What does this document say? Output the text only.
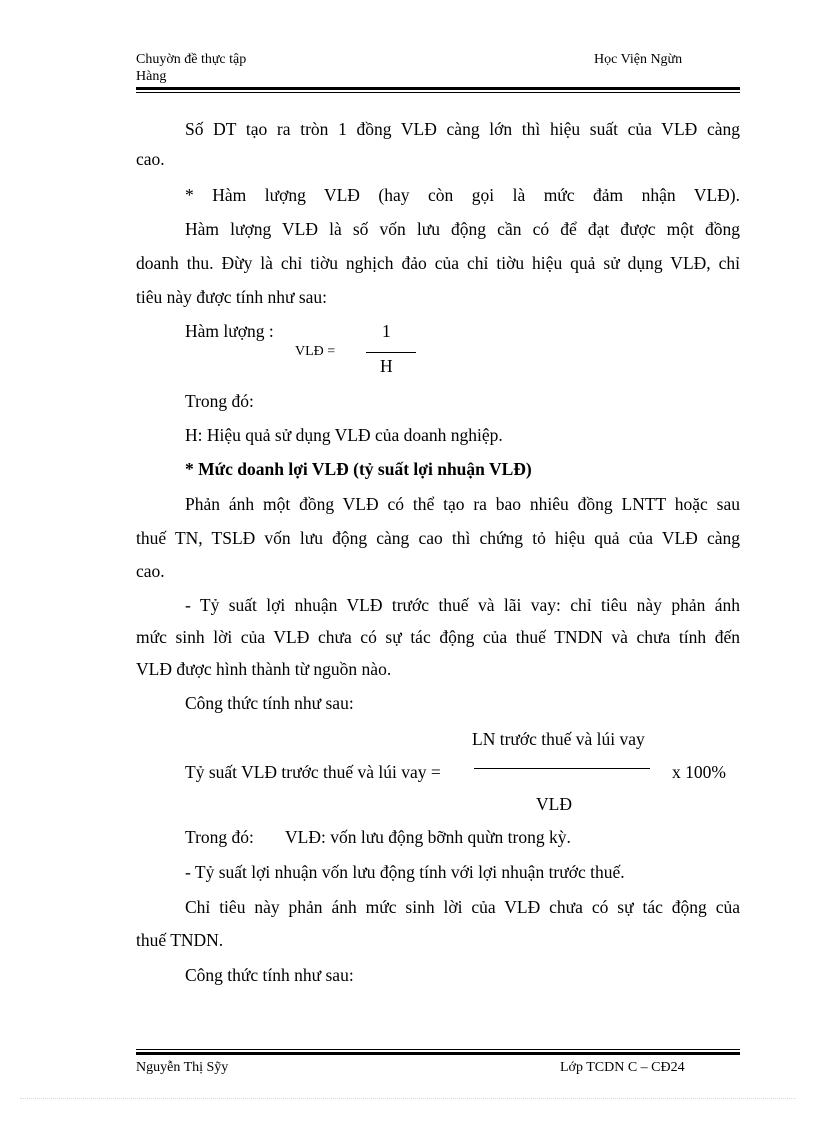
Chuyờn đề thực tập
Hàng
Học Viện Ngừn
Số DT tạo ra tròn 1 đồng VLĐ càng lớn thì hiệu suất của VLĐ càng
cao.
* Hàm lượng VLĐ (hay còn gọi là mức đảm nhận VLĐ).
Hàm lượng VLĐ là số vốn lưu động cần có để đạt được một đồng
doanh thu. Đừy là chỉ tiờu nghịch đảo của chỉ tiờu hiệu quả sử dụng VLĐ, chỉ
tiêu này được tính như sau:
Hàm lượng :	1
VLĐ =
H
Trong đó:
H: Hiệu quả sử dụng VLĐ của doanh nghiệp.
* Mức doanh lợi VLĐ (tỷ suất lợi nhuận VLĐ)
Phản ánh một đồng VLĐ có thể tạo ra bao nhiêu đồng LNTT hoặc sau
thuế TN, TSLĐ vốn lưu động càng cao thì chứng tỏ hiệu quả của VLĐ càng
cao.
- Tỷ suất lợi nhuận VLĐ trước thuế và lãi vay: chỉ tiêu này phản ánh
mức sinh lời của VLĐ chưa có sự tác động của thuế TNDN và chưa tính đến
VLĐ được hình thành từ nguồn nào.
Công thức tính như sau:
LN trước thuế và lúi vay
Tỷ suất VLĐ trước thuế và lúi vay =	x 100%
VLĐ
Trong đó: VLĐ: vốn lưu động bỡnh quừn trong kỳ.
- Tỷ suất lợi nhuận vốn lưu động tính với lợi nhuận trước thuế.
Chỉ tiêu này phản ánh mức sinh lời của VLĐ chưa có sự tác động của
thuế TNDN.
Công thức tính như sau:
Nguyễn Thị Sỹy	Lớp TCDN C – CĐ24
